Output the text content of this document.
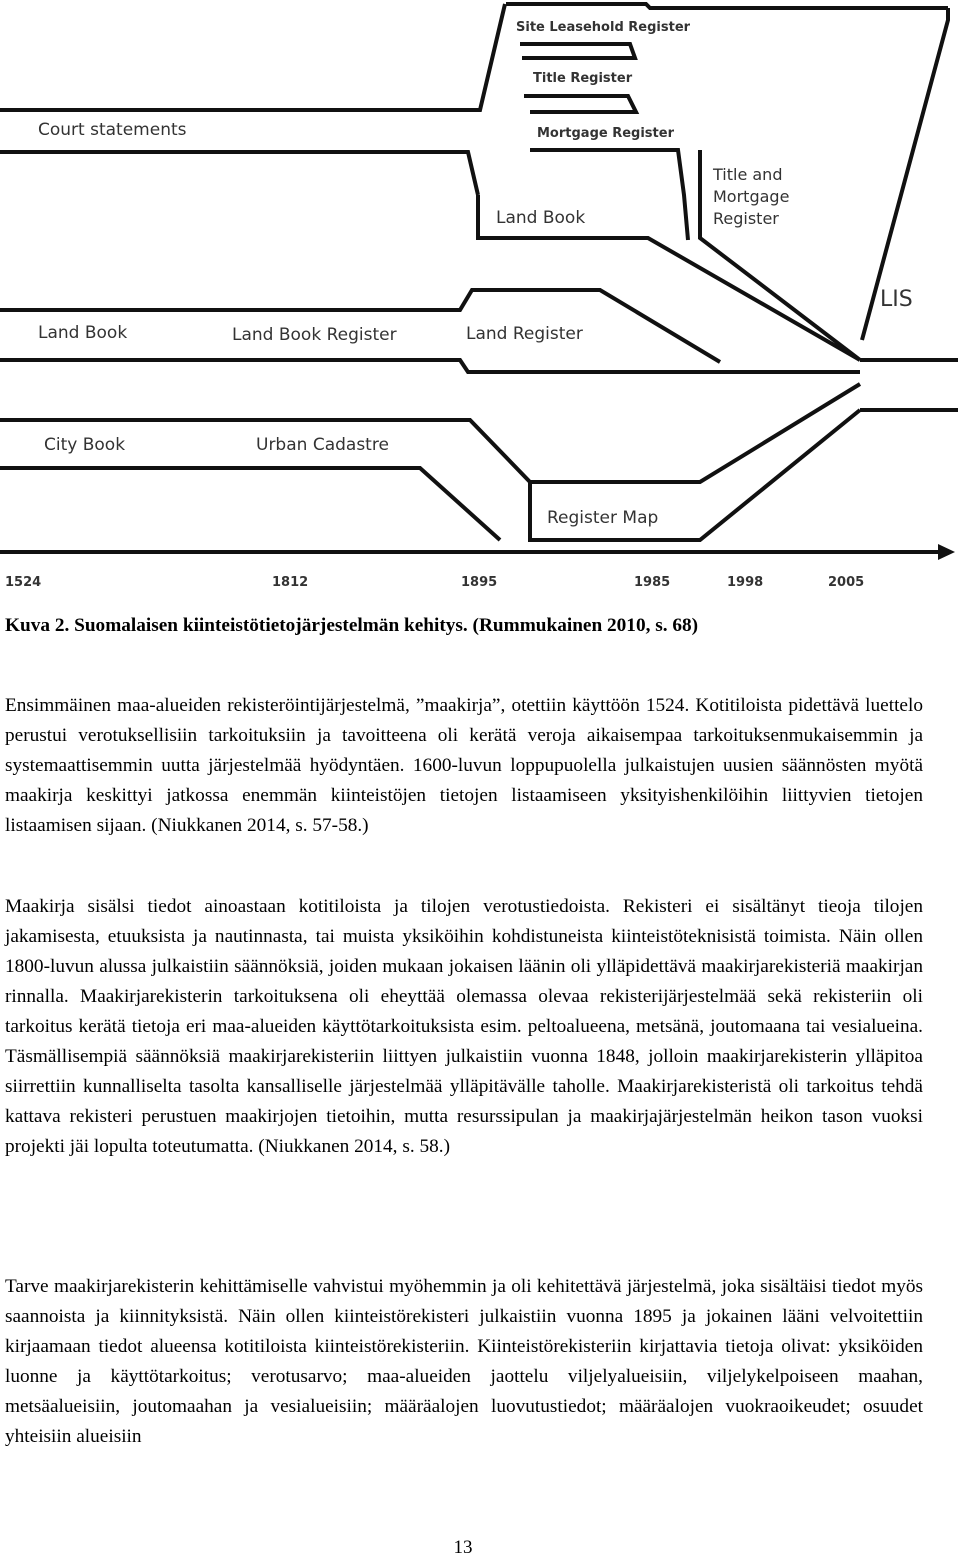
Site Leasehold Register
Title Register
Mortgage Register
Court statements
Title and
Mortgage
Register
Land Book
LIS
Land Book	Land Book Register	Land Register
City Book	Urban Cadastre
Register Map
1524	1812	1895	1985	1998	2005
Kuva 2. Suomalaisen kiinteistötietojärjestelmän kehitys. (Rummukainen 2010, s. 68)

Ensimmäinen maa-alueiden rekisteröintijärjestelmä, ”maakirja”, otettiin käyttöön 1524. Kotitiloista pidettävä luettelo perustui verotuksellisiin tarkoituksiin ja tavoitteena oli kerätä veroja aikaisempaa tarkoituksenmukaisemmin ja systemaattisemmin uutta järjestelmää hyödyntäen. 1600-luvun loppupuolella julkaistujen uusien säännösten myötä maakirja keskittyi jatkossa enemmän kiinteistöjen tietojen listaamiseen yksityishenkilöihin liittyvien tietojen listaamisen sijaan. (Niukkanen 2014, s. 57-58.)

Maakirja sisälsi tiedot ainoastaan kotitiloista ja tilojen verotustiedoista. Rekisteri ei sisältänyt tieoja tilojen jakamisesta, etuuksista ja nautinnasta, tai muista yksiköihin kohdistuneista kiinteistöteknisistä toimista. Näin ollen 1800-luvun alussa julkaistiin säännöksiä, joiden mukaan jokaisen läänin oli ylläpidettävä maakirjarekisteriä maakirjan rinnalla. Maakirjarekisterin tarkoituksena oli eheyttää olemassa olevaa rekisterijärjestelmää sekä rekisteriin oli tarkoitus kerätä tietoja eri maa-alueiden käyttötarkoituksista esim. peltoalueena, metsänä, joutomaana tai vesialueina. Täsmällisempiä säännöksiä maakirjarekisteriin liittyen julkaistiin vuonna 1848, jolloin maakirjarekisterin ylläpitoa siirrettiin kunnalliselta tasolta kansalliselle järjestelmää ylläpitävälle taholle. Maakirjarekisteristä oli tarkoitus tehdä kattava rekisteri perustuen maakirjojen tietoihin, mutta resurssipulan ja maakirjajärjestelmän heikon tason vuoksi projekti jäi lopulta toteutumatta. (Niukkanen 2014, s. 58.)

Tarve maakirjarekisterin kehittämiselle vahvistui myöhemmin ja oli kehitettävä järjestelmä, joka sisältäisi tiedot myös saannoista ja kiinnityksistä. Näin ollen kiinteistörekisteri julkaistiin vuonna 1895 ja jokainen lääni velvoitettiin kirjaamaan tiedot alueensa kotitiloista kiinteistörekisteriin. Kiinteistörekisteriin kirjattavia tietoja olivat: yksiköiden luonne ja käyttötarkoitus; verotusarvo; maa-alueiden jaottelu viljelyalueisiin, viljelykelpoiseen maahan, metsäalueisiin, joutomaahan ja vesialueisiin; määräalojen luovutustiedot; määräalojen vuokraoikeudet; osuudet yhteisiin alueisiin

13
